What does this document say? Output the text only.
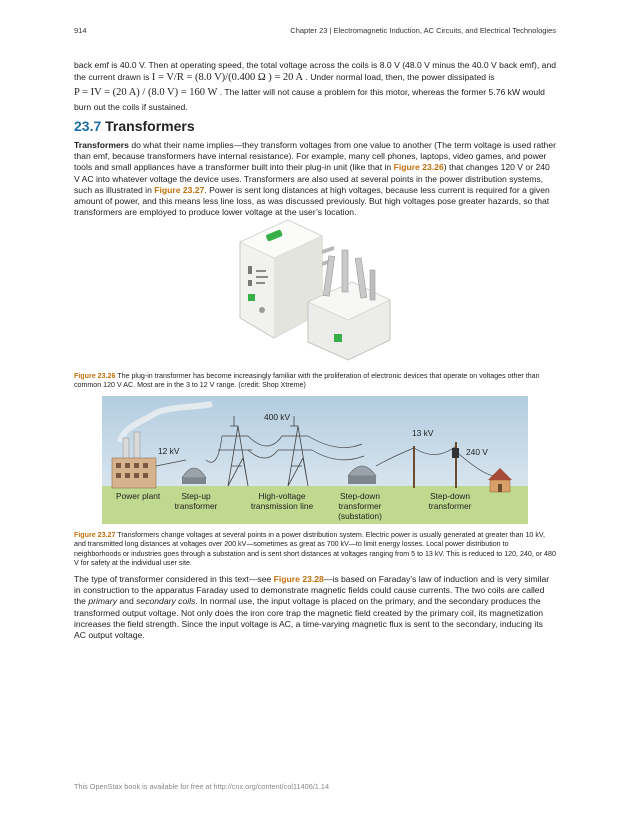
914	Chapter 23 | Electromagnetic Induction, AC Circuits, and Electrical Technologies
back emf is 40.0 V. Then at operating speed, the total voltage across the coils is 8.0 V (48.0 V minus the 40.0 V back emf), and
the current drawn is I = V/R = (8.0 V)/(0.400 Ω ) = 20 A . Under normal load, then, the power dissipated is
P = IV = (20 A) / (8.0 V) = 160 W . The latter will not cause a problem for this motor, whereas the former 5.76 kW would
burn out the coils if sustained.
23.7 Transformers
Transformers do what their name implies—they transform voltages from one value to another (The term voltage is used rather than emf, because transformers have internal resistance). For example, many cell phones, laptops, video games, and power tools and small appliances have a transformer built into their plug-in unit (like that in Figure 23.26) that changes 120 V or 240 V AC into whatever voltage the device uses. Transformers are also used at several points in the power distribution systems, such as illustrated in Figure 23.27. Power is sent long distances at high voltages, because less current is required for a given amount of power, and this means less line loss, as was discussed previously. But high voltages pose greater hazards, so that transformers are employed to produce lower voltage at the user’s location.
Figure 23.26 The plug-in transformer has become increasingly familiar with the proliferation of electronic devices that operate on voltages other than common 120 V AC. Most are in the 3 to 12 V range. (credit: Shop Xtreme)
12 kV
400 kV
13 kV
240 V
Power plant	Step-up
transformer
High-voltage
transmission line
Step-down
transformer
(substation)
Step-down
transformer
Figure 23.27 Transformers change voltages at several points in a power distribution system. Electric power is usually generated at greater than 10 kV, and transmitted long distances at voltages over 200 kV—sometimes as great as 700 kV—to limit energy losses. Local power distribution to neighborhoods or industries goes through a substation and is sent short distances at voltages ranging from 5 to 13 kV. This is reduced to 120, 240, or 480 V for safety at the individual user site.
The type of transformer considered in this text—see Figure 23.28—is based on Faraday’s law of induction and is very similar in construction to the apparatus Faraday used to demonstrate magnetic fields could cause currents. The two coils are called the primary and secondary coils. In normal use, the input voltage is placed on the primary, and the secondary produces the transformed output voltage. Not only does the iron core trap the magnetic field created by the primary coil, its magnetization increases the field strength. Since the input voltage is AC, a time-varying magnetic flux is sent to the secondary, inducing its AC output voltage.
This OpenStax book is available for free at http://cnx.org/content/col11406/1.14
